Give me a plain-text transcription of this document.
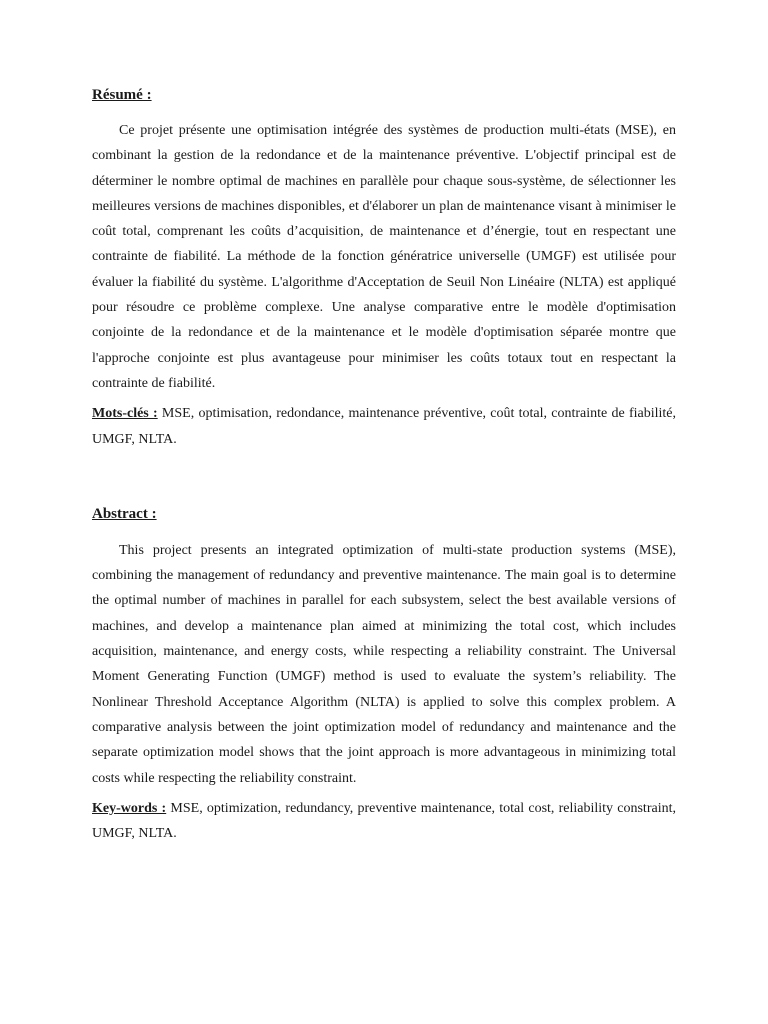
Résumé :

Ce projet présente une optimisation intégrée des systèmes de production multi-états (MSE), en combinant la gestion de la redondance et de la maintenance préventive. L'objectif principal est de déterminer le nombre optimal de machines en parallèle pour chaque sous-système, de sélectionner les meilleures versions de machines disponibles, et d'élaborer un plan de maintenance visant à minimiser le coût total, comprenant les coûts d’acquisition, de maintenance et d’énergie, tout en respectant une contrainte de fiabilité. La méthode de la fonction génératrice universelle (UMGF) est utilisée pour évaluer la fiabilité du système. L'algorithme d'Acceptation de Seuil Non Linéaire (NLTA) est appliqué pour résoudre ce problème complexe. Une analyse comparative entre le modèle d'optimisation conjointe de la redondance et de la maintenance et le modèle d'optimisation séparée montre que l'approche conjointe est plus avantageuse pour minimiser les coûts totaux tout en respectant la contrainte de fiabilité.

Mots-clés : MSE, optimisation, redondance, maintenance préventive, coût total, contrainte de fiabilité, UMGF, NLTA.

Abstract :

This project presents an integrated optimization of multi-state production systems (MSE), combining the management of redundancy and preventive maintenance. The main goal is to determine the optimal number of machines in parallel for each subsystem, select the best available versions of machines, and develop a maintenance plan aimed at minimizing the total cost, which includes acquisition, maintenance, and energy costs, while respecting a reliability constraint. The Universal Moment Generating Function (UMGF) method is used to evaluate the system’s reliability. The Nonlinear Threshold Acceptance Algorithm (NLTA) is applied to solve this complex problem. A comparative analysis between the joint optimization model of redundancy and maintenance and the separate optimization model shows that the joint approach is more advantageous in minimizing total costs while respecting the reliability constraint.

Key-words : MSE, optimization, redundancy, preventive maintenance, total cost, reliability constraint, UMGF, NLTA.
